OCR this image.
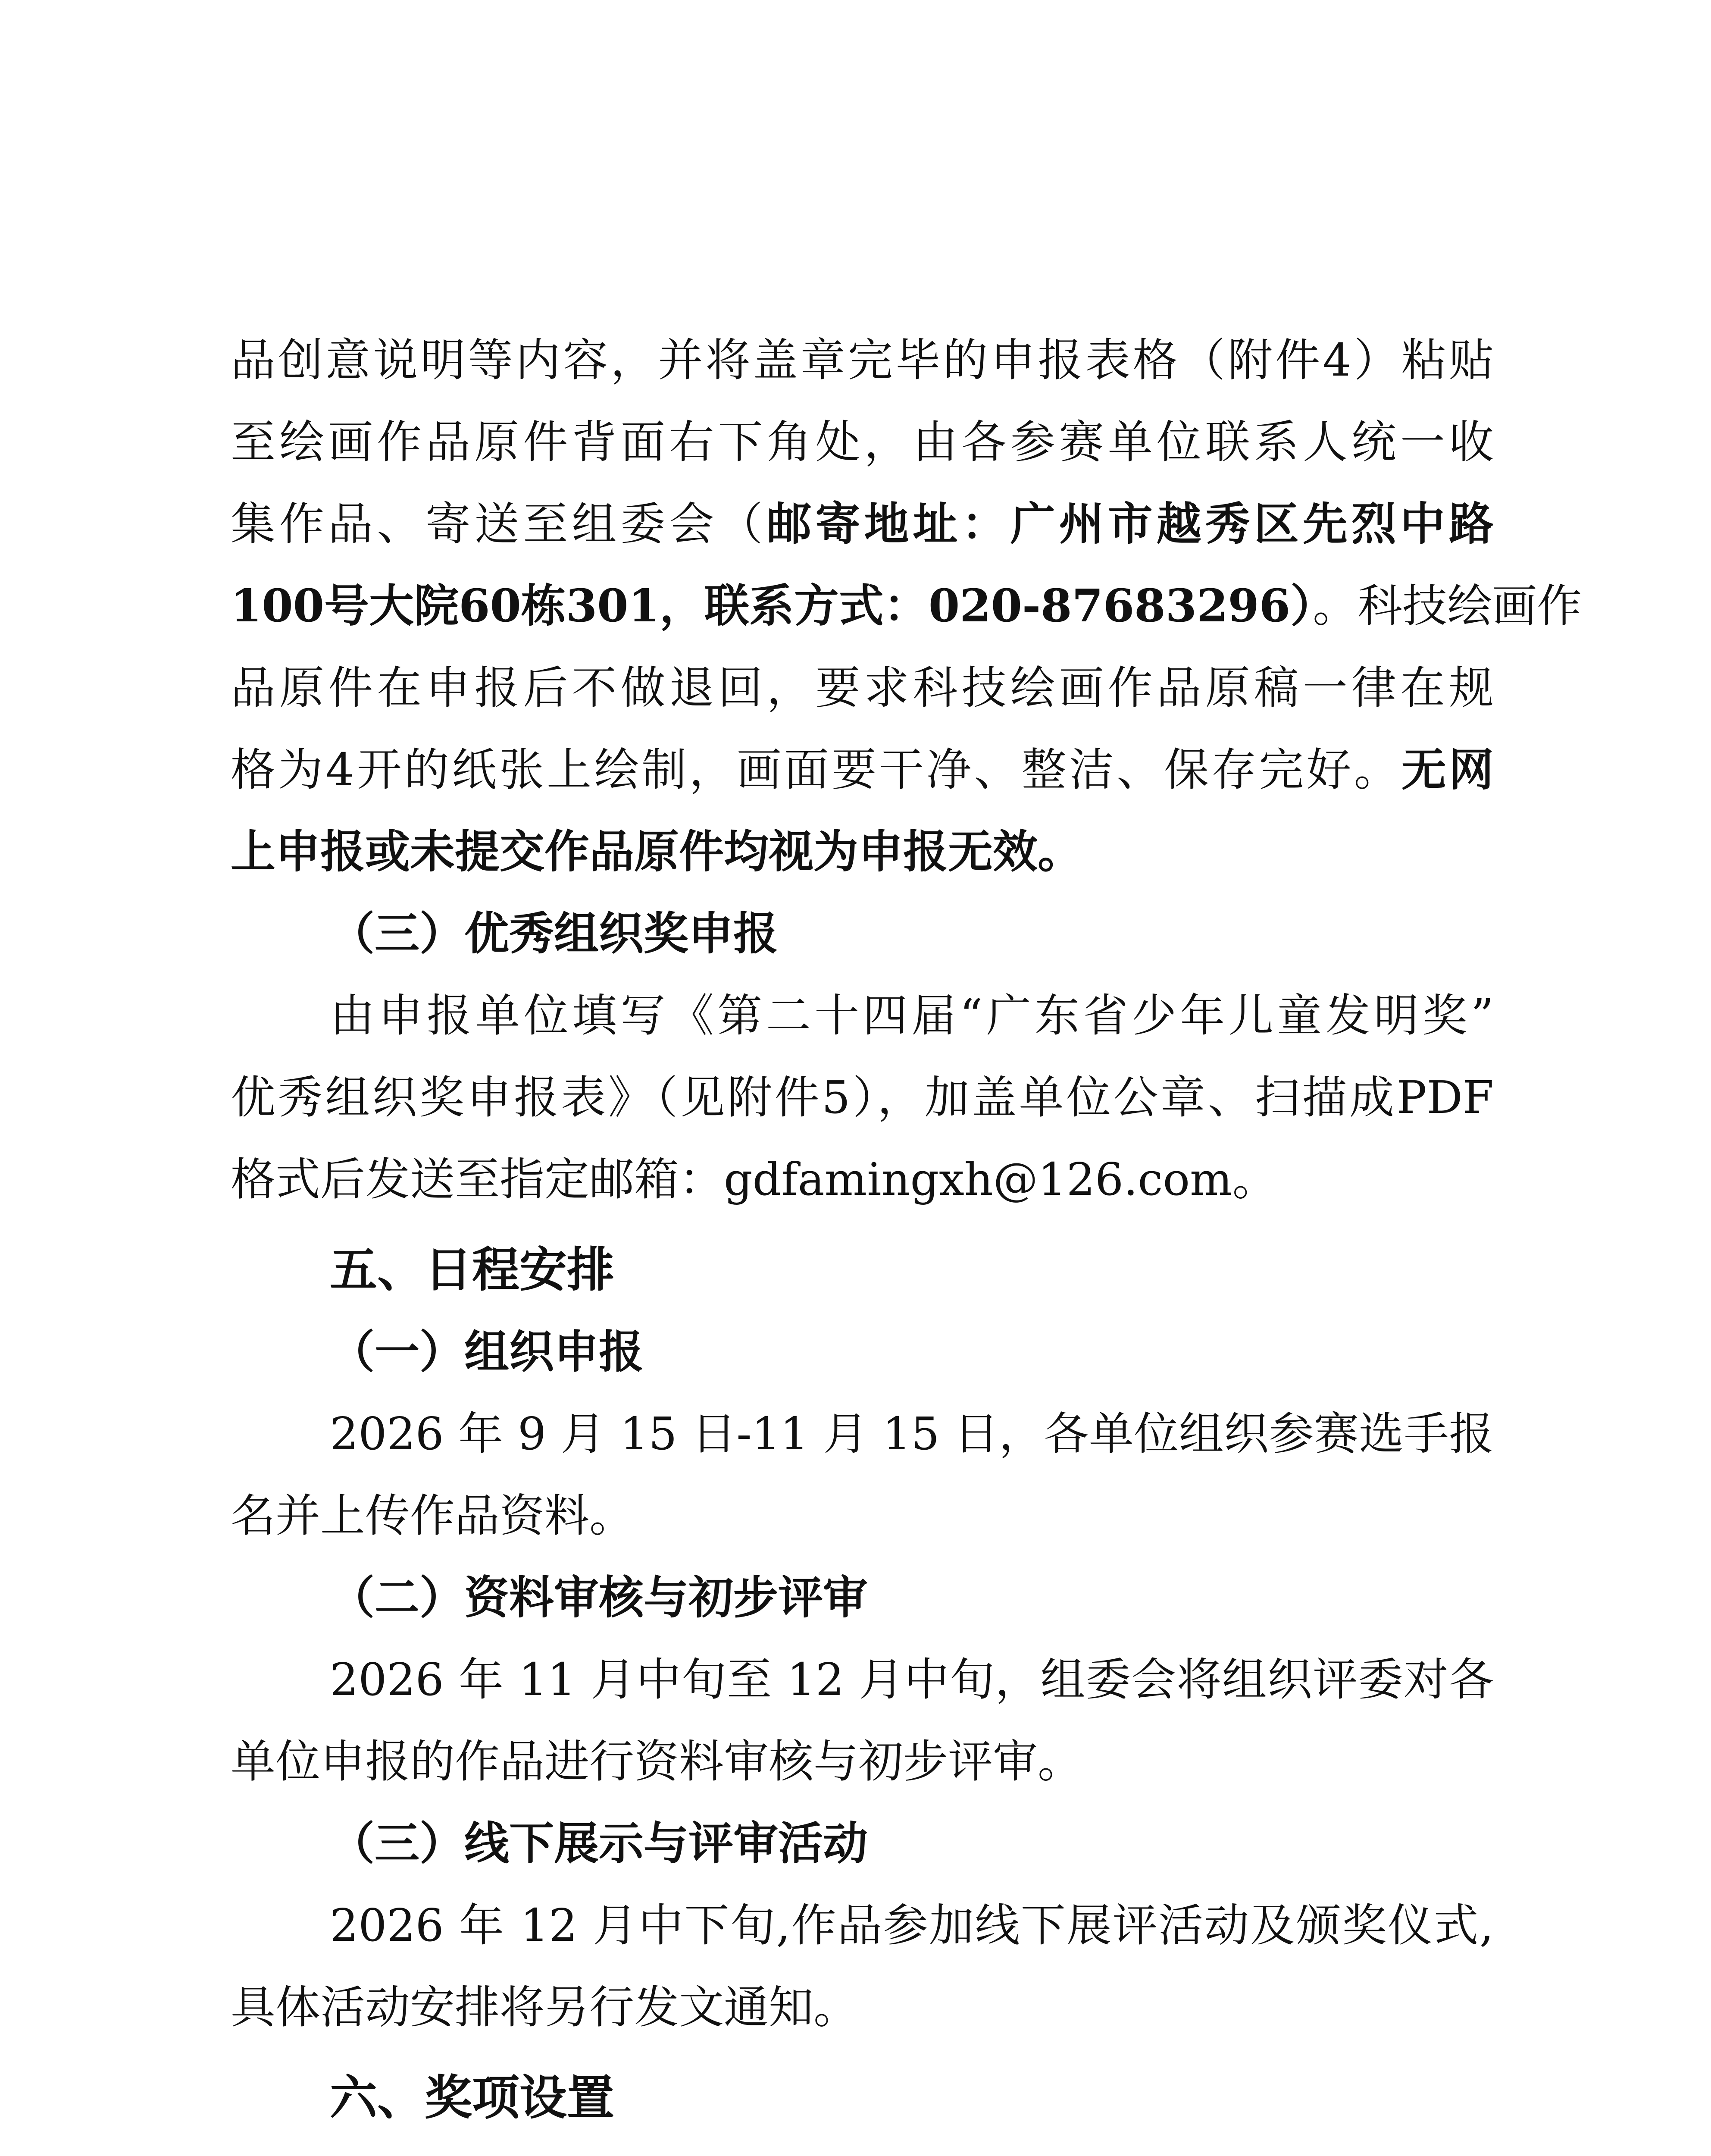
品创意说明等内容，并将盖章完毕的申报表格（附件4）粘贴
至绘画作品原件背面右下角处，由各参赛单位联系人统一收
集作品、寄送至组委会（邮寄地址：广州市越秀区先烈中路
100号大院60栋301，联系方式：020-87683296）。科技绘画作
品原件在申报后不做退回，要求科技绘画作品原稿一律在规
格为4开的纸张上绘制，画面要干净、整洁、保存完好。无网
上申报或未提交作品原件均视为申报无效。
（三）优秀组织奖申报
由申报单位填写《第二十四届“广东省少年儿童发明奖”
优秀组织奖申报表》（见附件5），加盖单位公章、扫描成PDF
格式后发送至指定邮箱：gdfamingxh@126.com。
五、日程安排
（一）组织申报
2026 年 9 月 15 日-11 月 15 日，各单位组织参赛选手报
名并上传作品资料。
（二）资料审核与初步评审
2026 年 11 月中旬至 12 月中旬，组委会将组织评委对各
单位申报的作品进行资料审核与初步评审。
（三）线下展示与评审活动
2026 年 12 月中下旬,作品参加线下展评活动及颁奖仪式,
具体活动安排将另行发文通知。
六、奖项设置
